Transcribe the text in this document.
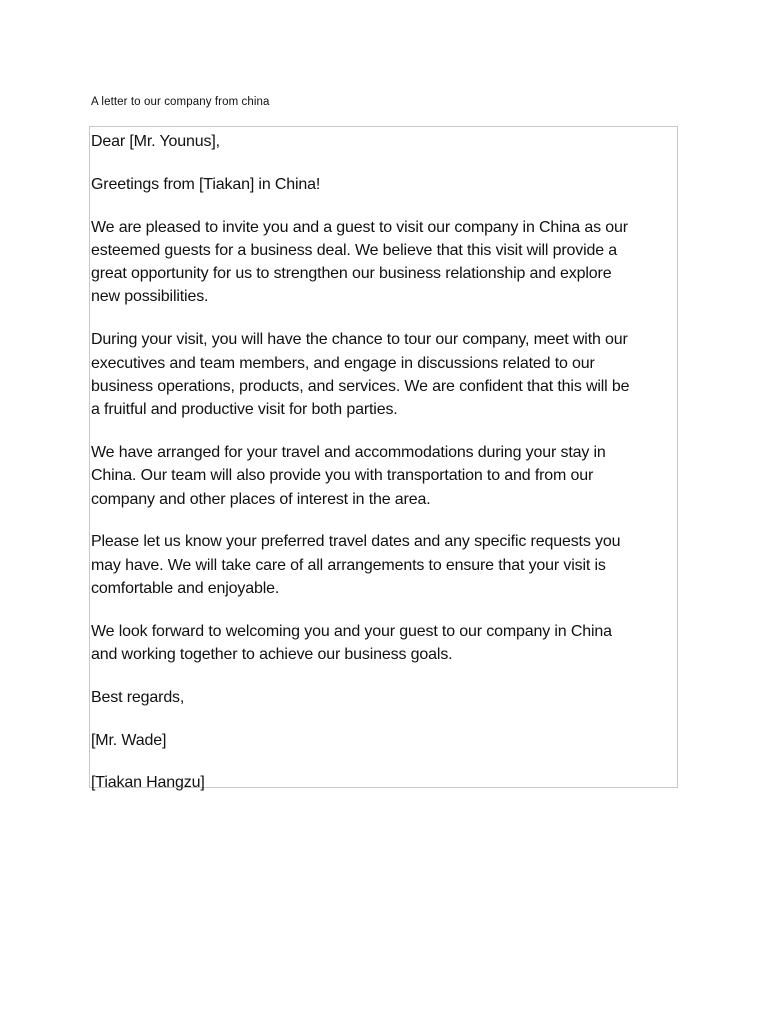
A letter to our company from china

Dear [Mr. Younus],

Greetings from [Tiakan] in China!

We are pleased to invite you and a guest to visit our company in China as our
esteemed guests for a business deal. We believe that this visit will provide a
great opportunity for us to strengthen our business relationship and explore
new possibilities.

During your visit, you will have the chance to tour our company, meet with our
executives and team members, and engage in discussions related to our
business operations, products, and services. We are confident that this will be
a fruitful and productive visit for both parties.

We have arranged for your travel and accommodations during your stay in
China. Our team will also provide you with transportation to and from our
company and other places of interest in the area.

Please let us know your preferred travel dates and any specific requests you
may have. We will take care of all arrangements to ensure that your visit is
comfortable and enjoyable.

We look forward to welcoming you and your guest to our company in China
and working together to achieve our business goals.

Best regards,

[Mr. Wade]

[Tiakan Hangzu]
